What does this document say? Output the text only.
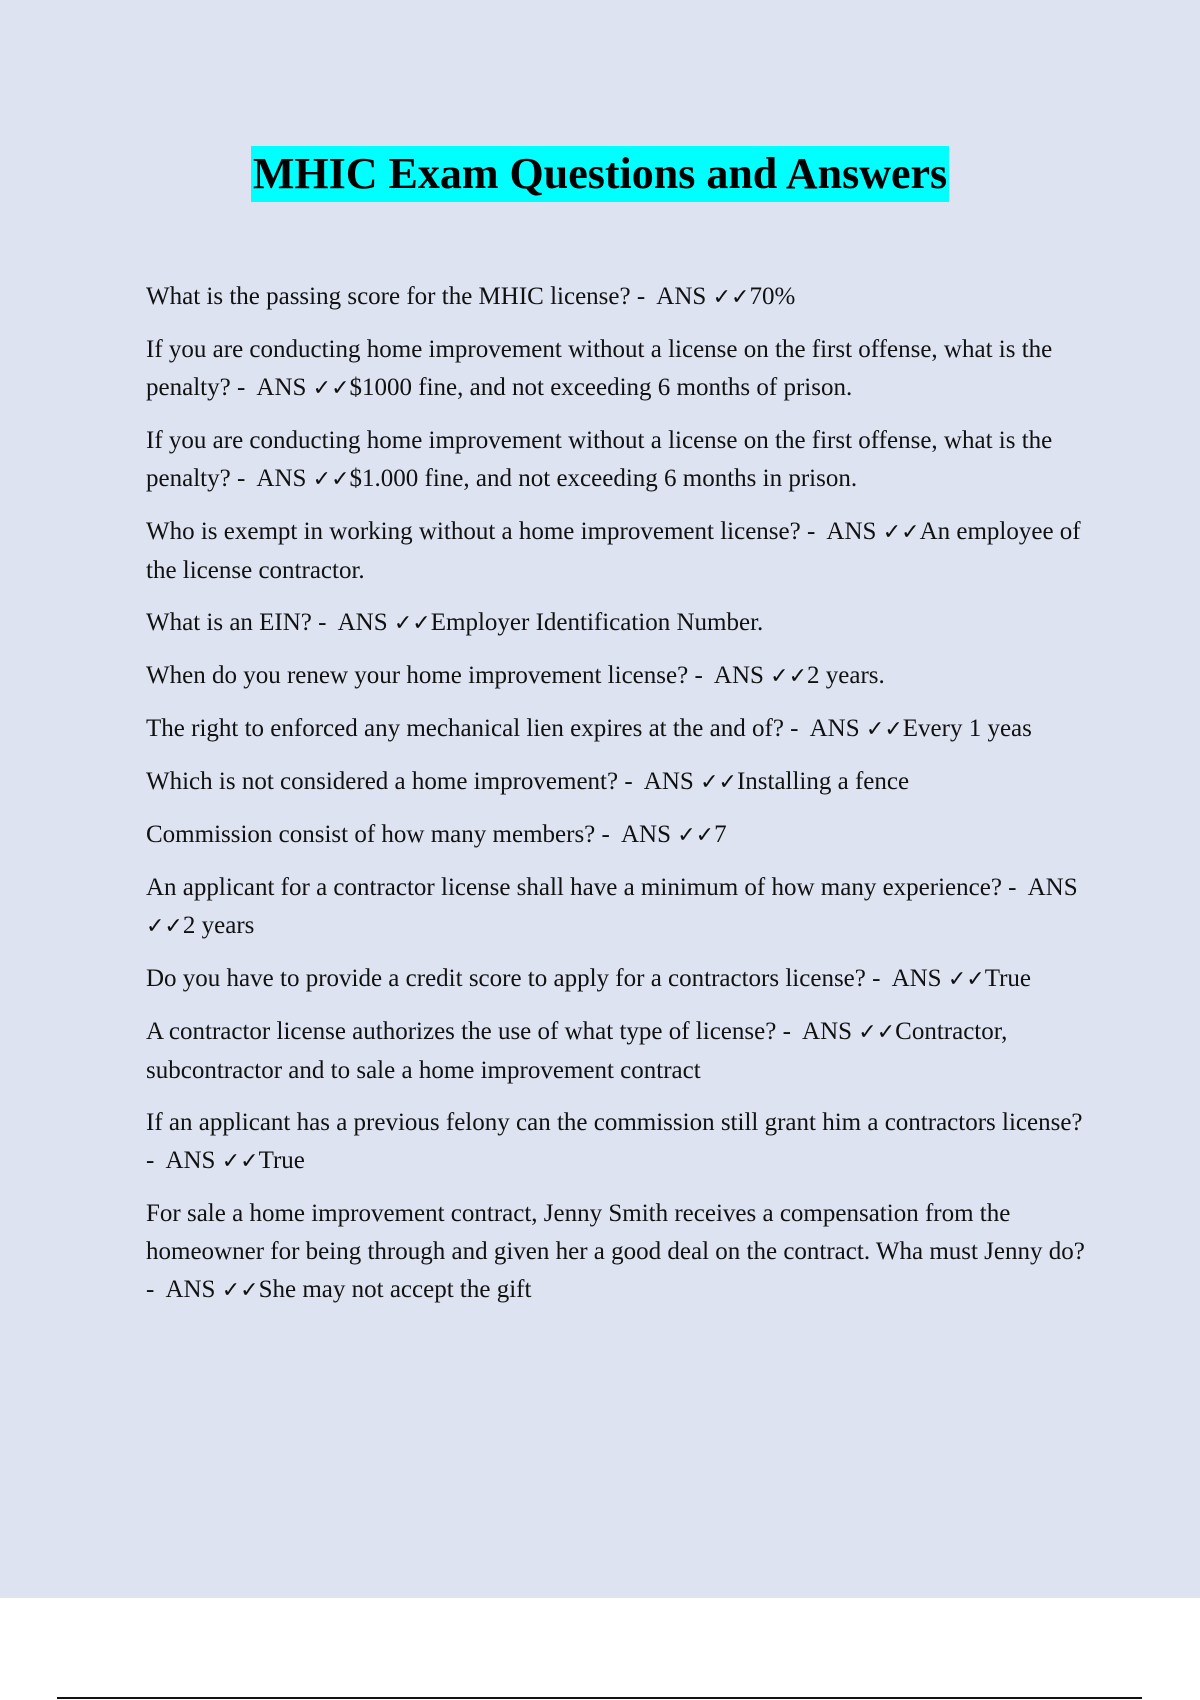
MHIC Exam Questions and Answers

What is the passing score for the MHIC license? -  ANS ✓✓70%

If you are conducting home improvement without a license on the first offense, what is the penalty? -  ANS ✓✓$1000 fine, and not exceeding 6 months of prison.

If you are conducting home improvement without a license on the first offense, what is the penalty? -  ANS ✓✓$1.000 fine, and not exceeding 6 months in prison.

Who is exempt in working without a home improvement license? -  ANS ✓✓An employee of the license contractor.

What is an EIN? -  ANS ✓✓Employer Identification Number.

When do you renew your home improvement license? -  ANS ✓✓2 years.

The right to enforced any mechanical lien expires at the and of? -  ANS ✓✓Every 1 yeas

Which is not considered a home improvement? -  ANS ✓✓Installing a fence

Commission consist of how many members? -  ANS ✓✓7

An applicant for a contractor license shall have a minimum of how many experience? -  ANS ✓✓2 years

Do you have to provide a credit score to apply for a contractors license? -  ANS ✓✓True

A contractor license authorizes the use of what type of license? -  ANS ✓✓Contractor, subcontractor and to sale a home improvement contract

If an applicant has a previous felony can the commission still grant him a contractors license? -  ANS ✓✓True

For sale a home improvement contract, Jenny Smith receives a compensation from the homeowner for being through and given her a good deal on the contract. Wha must Jenny do? -  ANS ✓✓She may not accept the gift
